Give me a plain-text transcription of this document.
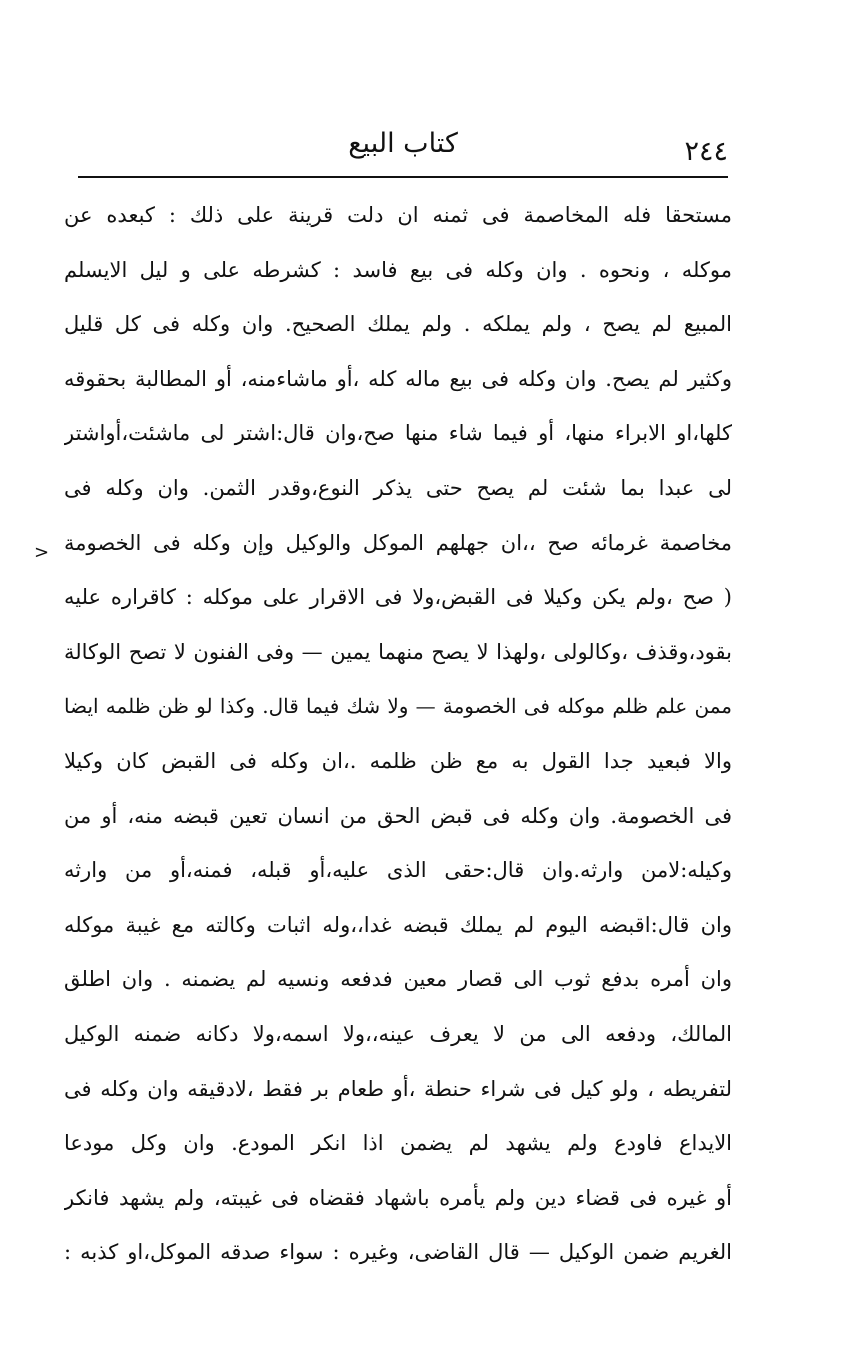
٢٤٤
كتاب البيع
>
مستحقا فله المخاصمة فى ثمنه ان دلت قرينة على ذلك : كبعده عن
موكله ، ونحوه . وان وكله فى بيع فاسد : كشرطه على و ليل الايسلم
المبيع لم يصح ، ولم يملكه . ولم يملك الصحيح. وان وكله فى كل قليل
وكثير لم يصح. وان وكله فى بيع ماله كله ،أو ماشاءمنه، أو المطالبة بحقوقه
كلها،او الابراء منها، أو فيما شاء منها صح،وان قال:اشتر لى ماشئت،أواشتر
لى عبدا بما شئت لم يصح حتى يذكر النوع،وقدر الثمن. وان وكله فى
مخاصمة غرمائه صح ،،ان جهلهم الموكل والوكيل وإن وكله فى الخصومة
( صح ،ولم يكن وكيلا فى القبض،ولا فى الاقرار على موكله : كاقراره عليه
بقود،وقذف ،وكالولى ،ولهذا لا يصح منهما يمين — وفى الفنون لا تصح الوكالة
ممن علم ظلم موكله فى الخصومة — ولا شك فيما قال. وكذا لو ظن ظلمه ايضا
والا فبعيد جدا القول به مع ظن ظلمه .،ان وكله فى القبض كان وكيلا
فى الخصومة. وان وكله فى قبض الحق من انسان تعين قبضه منه، أو من
وكيله:لامن وارثه.وان قال:حقى الذى عليه،أو قبله، فمنه،أو من وارثه
وان قال:اقبضه اليوم لم يملك قبضه غدا،،وله اثبات وكالته مع غيبة موكله
وان أمره بدفع ثوب الى قصار معين فدفعه ونسيه لم يضمنه . وان اطلق
المالك، ودفعه الى من لا يعرف عينه،،ولا اسمه،ولا دكانه ضمنه الوكيل
لتفريطه ، ولو كيل فى شراء حنطة ،أو طعام بر فقط ،لادقيقه وان وكله فى
الايداع فاودع ولم يشهد لم يضمن اذا انكر المودع. وان وكل مودعا
أو غيره فى قضاء دين ولم يأمره باشهاد فقضاه فى غيبته، ولم يشهد فانكر
الغريم ضمن الوكيل — قال القاضى، وغيره : سواء صدقه الموكل،او كذبه :
